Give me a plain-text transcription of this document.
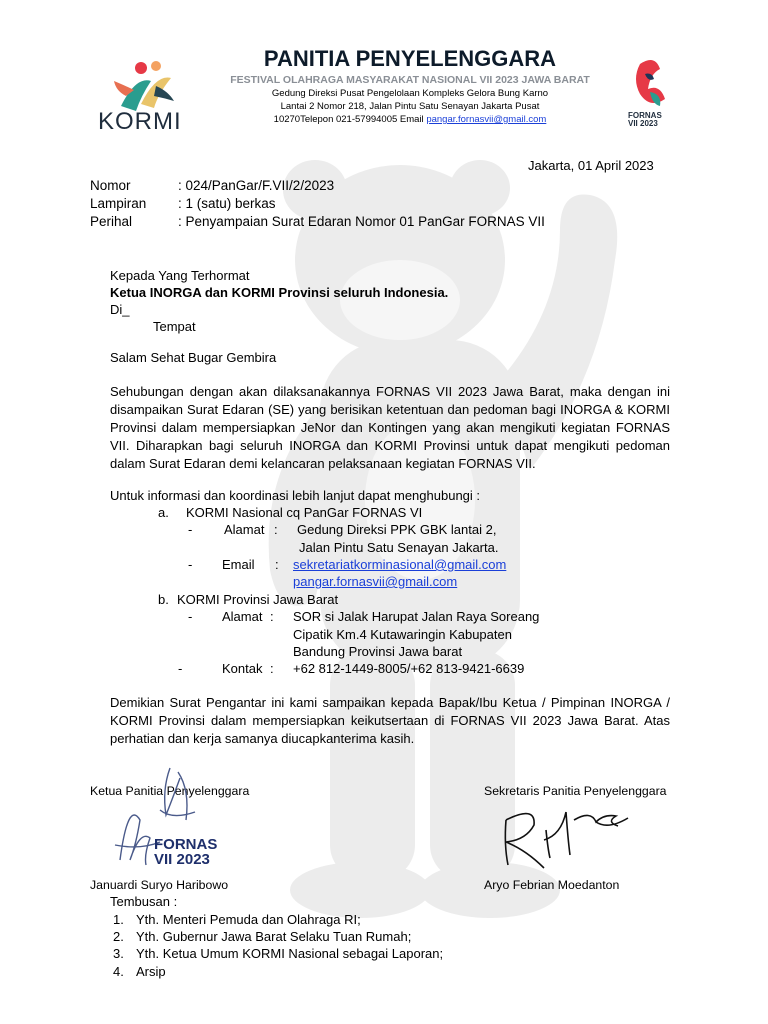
KORMI	FORNAS
VII 2023
PANITIA PENYELENGGARA
FESTIVAL OLAHRAGA MASYARAKAT NASIONAL VII 2023 JAWA BARAT
Gedung Direksi Pusat Pengelolaan Kompleks Gelora Bung Karno
Lantai 2 Nomor 218, Jalan Pintu Satu Senayan Jakarta Pusat
10270Telepon 021-57994005 Email pangar.fornasvii@gmail.com
Jakarta, 01 April 2023
Nomor	: 024/PanGar/F.VII/2/2023
Lampiran : 1 (satu) berkas
Perihal	: Penyampaian Surat Edaran Nomor 01 PanGar FORNAS VII
Kepada Yang Terhormat
Ketua INORGA dan KORMI Provinsi seluruh Indonesia.
Di_
Tempat
Salam Sehat Bugar Gembira
Sehubungan dengan akan dilaksanakannya FORNAS VII 2023 Jawa Barat, maka dengan ini disampaikan Surat Edaran (SE) yang berisikan ketentuan dan pedoman bagi INORGA & KORMI Provinsi dalam mempersiapkan JeNor dan Kontingen yang akan mengikuti kegiatan FORNAS VII. Diharapkan bagi seluruh INORGA dan KORMI Provinsi untuk dapat mengikuti pedoman dalam Surat Edaran demi kelancaran pelaksanaan kegiatan FORNAS VII.
Untuk informasi dan koordinasi lebih lanjut dapat menghubungi :
a. KORMI Nasional cq PanGar FORNAS VI
- Alamat : Gedung Direksi PPK GBK lantai 2,
Jalan Pintu Satu Senayan Jakarta.
- Email : sekretariatkorminasional@gmail.com
pangar.fornasvii@gmail.com
b. KORMI Provinsi Jawa Barat
- Alamat : SOR si Jalak Harupat Jalan Raya Soreang
Cipatik Km.4 Kutawaringin Kabupaten
Bandung Provinsi Jawa barat
-	Kontak : +62 812-1449-8005/+62 813-9421-6639
Demikian Surat Pengantar ini kami sampaikan kepada Bapak/Ibu Ketua / Pimpinan INORGA / KORMI Provinsi dalam mempersiapkan keikutsertaan di FORNAS VII 2023 Jawa Barat. Atas perhatian dan kerja samanya diucapkanterima kasih.
Ketua Panitia Penyelenggara	Sekretaris Panitia Penyelenggara
FORNAS
VII 2023
Januardi Suryo Haribowo	Aryo Febrian Moedanton
Tembusan :
1. Yth. Menteri Pemuda dan Olahraga RI;
2. Yth. Gubernur Jawa Barat Selaku Tuan Rumah;
3. Yth. Ketua Umum KORMI Nasional sebagai Laporan;
4. Arsip
